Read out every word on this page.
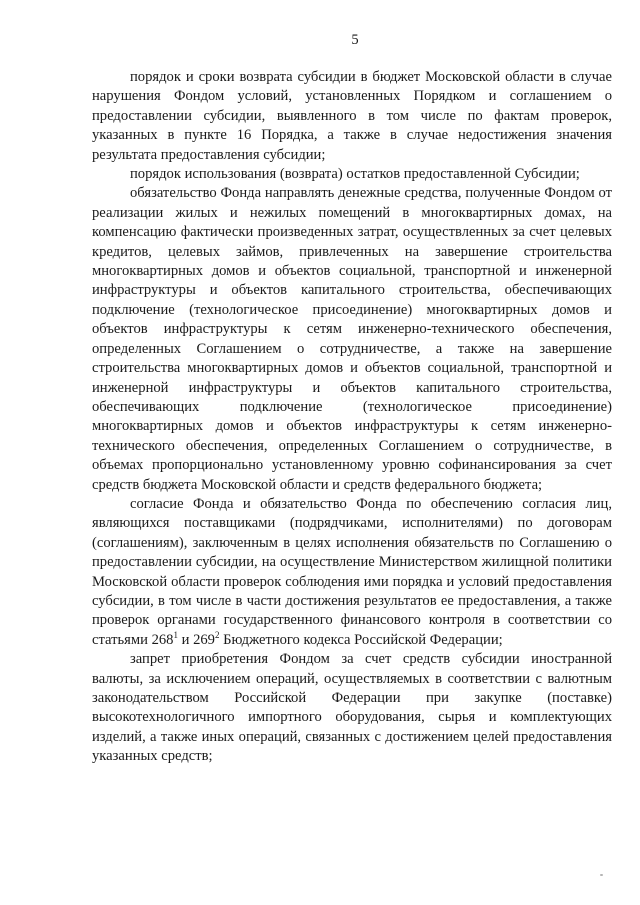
5

порядок и сроки возврата субсидии в бюджет Московской области в случае нарушения Фондом условий, установленных Порядком и соглашением о предоставлении субсидии, выявленного в том числе по фактам проверок, указанных в пункте 16 Порядка, а также в случае недостижения значения результата предоставления субсидии;

порядок использования (возврата) остатков предоставленной Субсидии;

обязательство Фонда направлять денежные средства, полученные Фондом от реализации жилых и нежилых помещений в многоквартирных домах, на компенсацию фактически произведенных затрат, осуществленных за счет целевых кредитов, целевых займов, привлеченных на завершение строительства многоквартирных домов и объектов социальной, транспортной и инженерной инфраструктуры и объектов капитального строительства, обеспечивающих подключение (технологическое присоединение) многоквартирных домов и объектов инфраструктуры к сетям инженерно-технического обеспечения, определенных Соглашением о сотрудничестве, а также на завершение строительства многоквартирных домов и объектов социальной, транспортной и инженерной инфраструктуры и объектов капитального строительства, обеспечивающих подключение (технологическое присоединение) многоквартирных домов и объектов инфраструктуры к сетям инженерно-технического обеспечения, определенных Соглашением о сотрудничестве, в объемах пропорционально установленному уровню софинансирования за счет средств бюджета Московской области и средств федерального бюджета;

согласие Фонда и обязательство Фонда по обеспечению согласия лиц, являющихся поставщиками (подрядчиками, исполнителями) по договорам (соглашениям), заключенным в целях исполнения обязательств по Соглашению о предоставлении субсидии, на осуществление Министерством жилищной политики Московской области проверок соблюдения ими порядка и условий предоставления субсидии, в том числе в части достижения результатов ее предоставления, а также проверок органами государственного финансового контроля в соответствии со статьями $268^1$ и $269^2$ Бюджетного кодекса Российской Федерации;

запрет приобретения Фондом за счет средств субсидии иностранной валюты, за исключением операций, осуществляемых в соответствии с валютным законодательством Российской Федерации при закупке (поставке) высокотехнологичного импортного оборудования, сырья и комплектующих изделий, а также иных операций, связанных с достижением целей предоставления указанных средств;
